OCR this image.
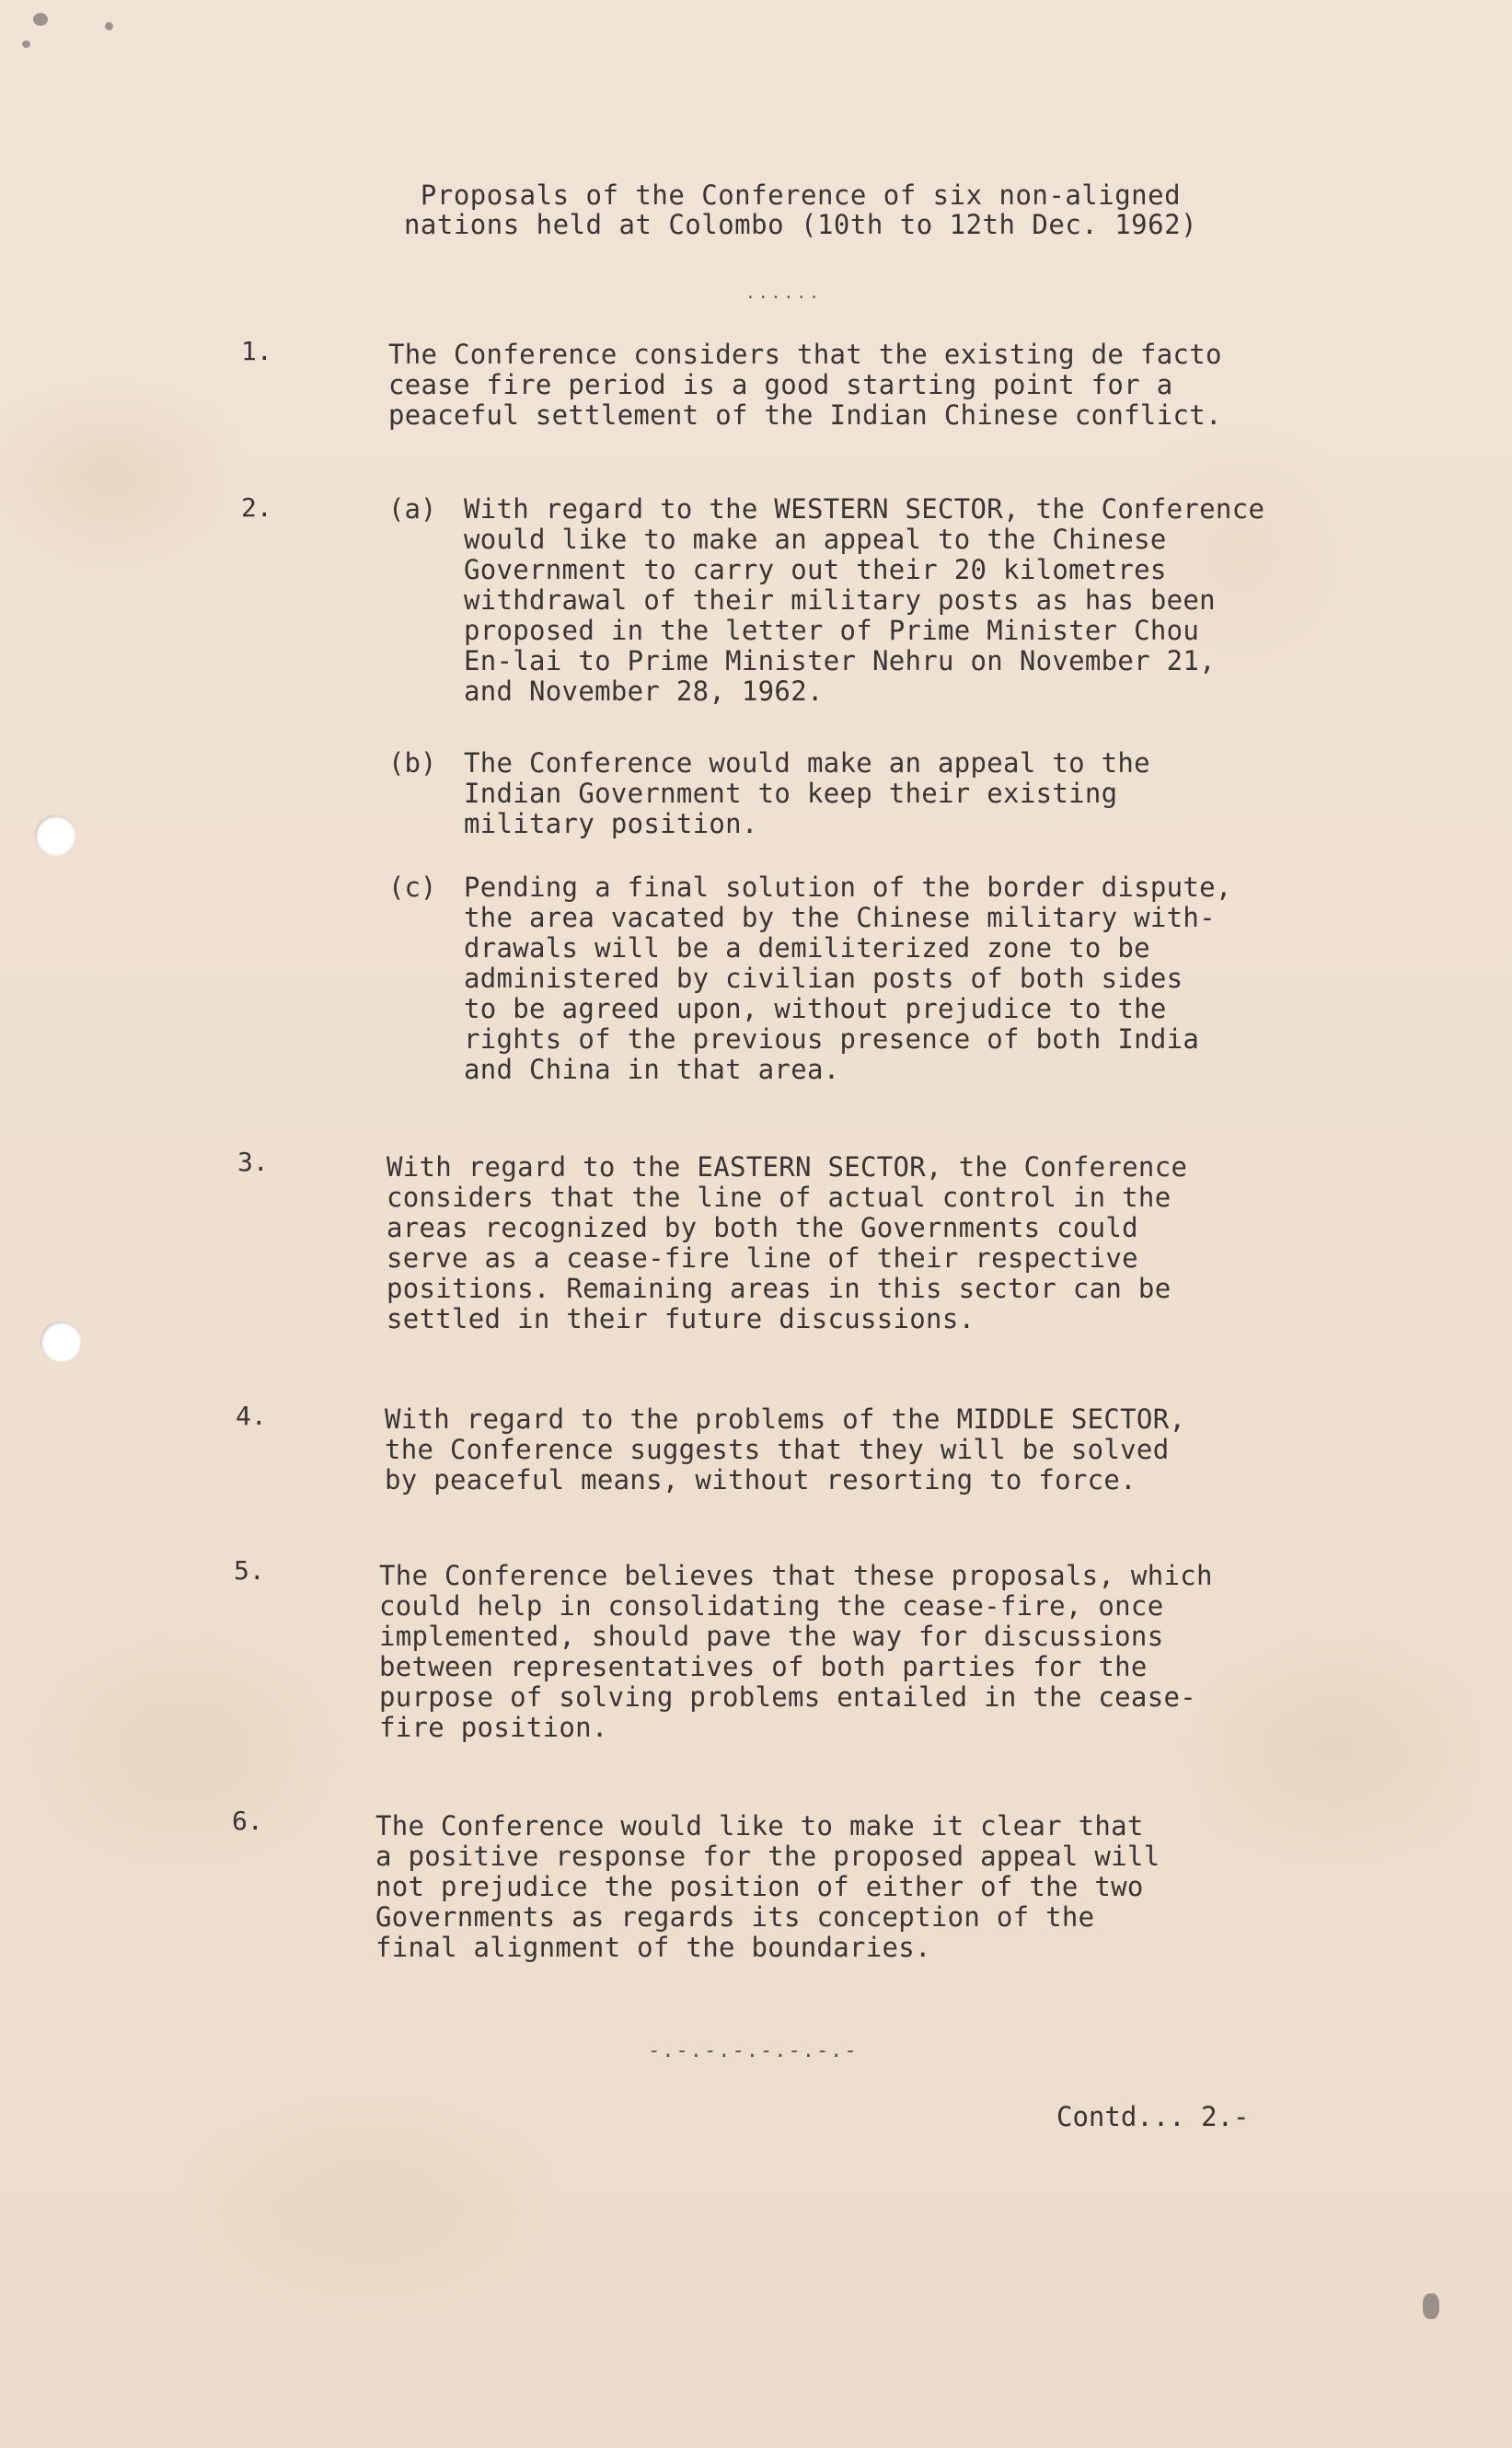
Proposals of the Conference of six non-aligned
nations held at Colombo (10th to 12th Dec. 1962)
......
1.	The Conference considers that the existing de facto
cease fire period is a good starting point for a
peaceful settlement of the Indian Chinese conflict.
2.	(a) With regard to the WESTERN SECTOR, the Conference
would like to make an appeal to the Chinese
Government to carry out their 20 kilometres
withdrawal of their military posts as has been
proposed in the letter of Prime Minister Chou
En-lai to Prime Minister Nehru on November 21,
and November 28, 1962.
(b) The Conference would make an appeal to the
Indian Government to keep their existing
military position.
(c) Pending a final solution of the border dispute,
the area vacated by the Chinese military with-
drawals will be a demiliterized zone to be
administered by civilian posts of both sides
to be agreed upon, without prejudice to the
rights of the previous presence of both India
and China in that area.
3.	With regard to the EASTERN SECTOR, the Conference
considers that the line of actual control in the
areas recognized by both the Governments could
serve as a cease-fire line of their respective
positions. Remaining areas in this sector can be
settled in their future discussions.
4.	With regard to the problems of the MIDDLE SECTOR,
the Conference suggests that they will be solved
by peaceful means, without resorting to force.
5.	The Conference believes that these proposals, which
could help in consolidating the cease-fire, once
implemented, should pave the way for discussions
between representatives of both parties for the
purpose of solving problems entailed in the cease-
fire position.
6.	The Conference would like to make it clear that
a positive response for the proposed appeal will
not prejudice the position of either of the two
Governments as regards its conception of the
final alignment of the boundaries.
-.-.-.-.-.-.-.-
Contd... 2.-
